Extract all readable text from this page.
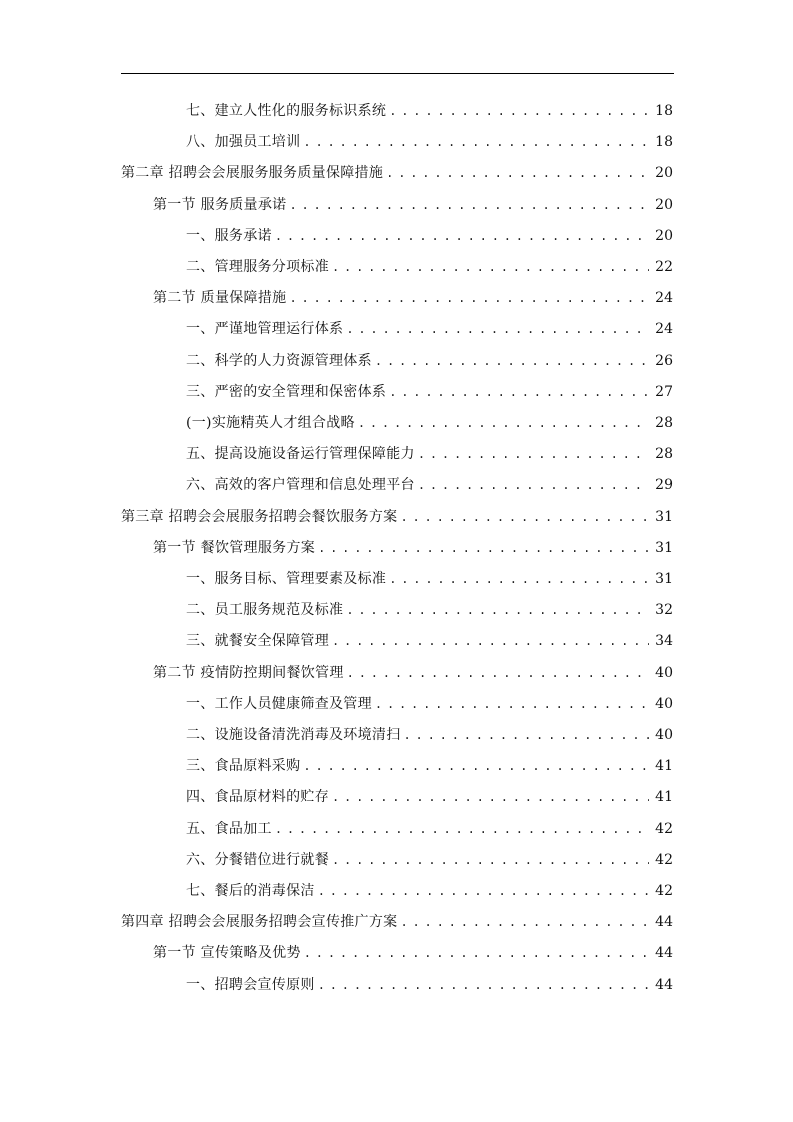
七、建立人性化的服务标识系统 . . .	18
八、加强员工培训 . . .	18
第二章 招聘会会展服务服务质量保障措施 . . .	20
第一节 服务质量承诺 . . .	20
一、服务承诺 . . .	20
二、管理服务分项标准 . . .	22
第二节 质量保障措施 . . .	24
一、严谨地管理运行体系 . . .	24
二、科学的人力资源管理体系 . . .	26
三、严密的安全管理和保密体系 . . .	27
(一)实施精英人才组合战略 . . .	28
五、提高设施设备运行管理保障能力 . . .	28
六、高效的客户管理和信息处理平台 . . .	29
第三章 招聘会会展服务招聘会餐饮服务方案 . . .	31
第一节 餐饮管理服务方案 . . .	31
一、服务目标、管理要素及标准 . . .	31
二、员工服务规范及标准 . . .	32
三、就餐安全保障管理 . . .	34
第二节 疫情防控期间餐饮管理 . . .	40
一、工作人员健康筛查及管理 . . .	40
二、设施设备清洗消毒及环境清扫 . . .	40
三、食品原料采购 . . .	41
四、食品原材料的贮存 . . .	41
五、食品加工 . . .	42
六、分餐错位进行就餐 . . .	42
七、餐后的消毒保洁 . . .	42
第四章 招聘会会展服务招聘会宣传推广方案 . . .	44
第一节 宣传策略及优势 . . .	44
一、招聘会宣传原则 . . .	44
